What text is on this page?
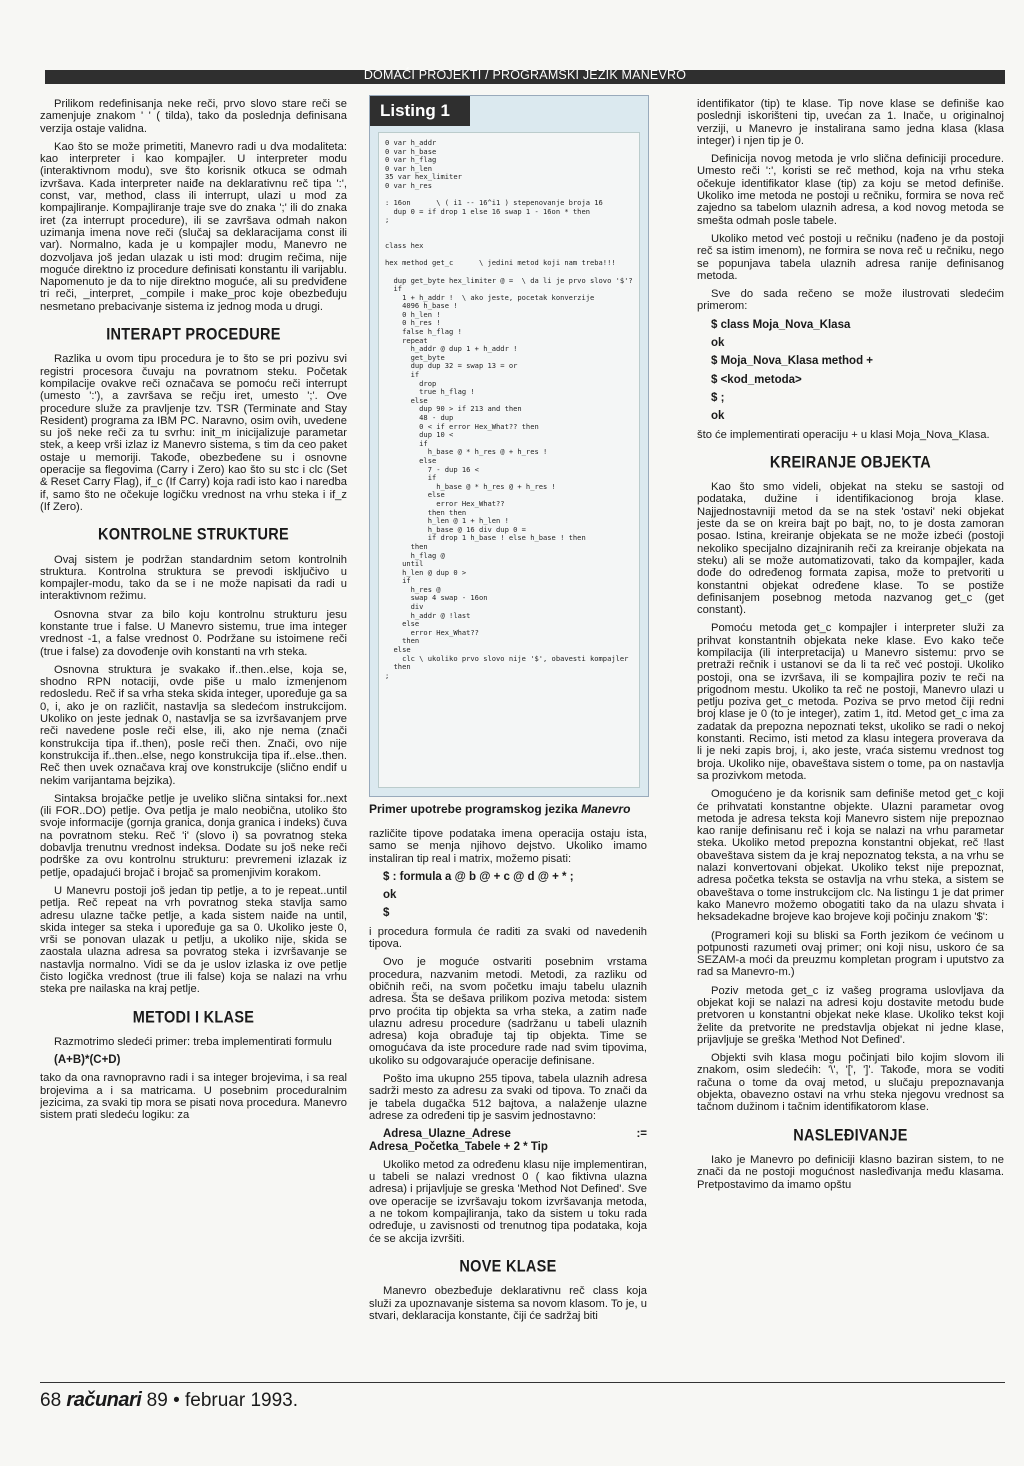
DOMAĆI PROJEKTI / PROGRAMSKI JEZIK MANEVRO

Prilikom redefinisanja neke reči, prvo slovo stare reči se zamenjuje znakom ' ' ( tilda), tako da poslednja definisana verzija ostaje validna.

Kao što se može primetiti, Manevro radi u dva modaliteta: kao interpreter i kao kompajler. U interpreter modu (interaktivnom modu), sve što korisnik otkuca se odmah izvršava. Kada interpreter naiđe na deklarativnu reč tipa ':', const, var, method, class ili interrupt, ulazi u mod za kompajliranje. Kompajliranje traje sve do znaka ';' ili do znaka iret (za interrupt procedure), ili se završava odmah nakon uzimanja imena nove reči (slučaj sa deklaracijama const ili var). Normalno, kada je u kompajler modu, Manevro ne dozvoljava još jedan ulazak u isti mod: drugim rečima, nije moguće direktno iz procedure definisati konstantu ili varijablu. Napomenuto je da to nije direktno moguće, ali su predviđene tri reči, _interpret, _compile i make_proc koje obezbeđuju nesmetano prebacivanje sistema iz jednog moda u drugi.

INTERAPT PROCEDURE

Razlika u ovom tipu procedura je to što se pri pozivu svi registri procesora čuvaju na povratnom steku. Početak kompilacije ovakve reči označava se pomoću reči interrupt (umesto ':'), a završava se rečju iret, umesto ';'. Ove procedure služe za pravljenje tzv. TSR (Terminate and Stay Resident) programa za IBM PC. Naravno, osim ovih, uvedene su još neke reči za tu svrhu: init_m inicijalizuje parametar stek, a keep vrši izlaz iz Manevro sistema, s tim da ceo paket ostaje u memoriji. Takođe, obezbeđene su i osnovne operacije sa flegovima (Carry i Zero) kao što su stc i clc (Set & Reset Carry Flag), if_c (If Carry) koja radi isto kao i naredba if, samo što ne očekuje logičku vrednost na vrhu steka i if_z (If Zero).

KONTROLNE STRUKTURE

Ovaj sistem je podržan standardnim setom kontrolnih struktura. Kontrolna struktura se prevodi isključivo u kompajler-modu, tako da se i ne može napisati da radi u interaktivnom režimu.

Osnovna stvar za bilo koju kontrolnu strukturu jesu konstante true i false. U Manevro sistemu, true ima integer vrednost -1, a false vrednost 0. Podržane su istoimene reči (true i false) za dovođenje ovih konstanti na vrh steka.

Osnovna struktura je svakako if..then..else, koja se, shodno RPN notaciji, ovde piše u malo izmenjenom redosledu. Reč if sa vrha steka skida integer, upoređuje ga sa 0, i, ako je on različit, nastavlja sa sledećom instrukcijom. Ukoliko on jeste jednak 0, nastavlja se sa izvršavanjem prve reči navedene posle reči else, ili, ako nje nema (znači konstrukcija tipa if..then), posle reči then. Znači, ovo nije konstrukcija if..then..else, nego konstrukcija tipa if..else..then. Reč then uvek označava kraj ove konstrukcije (slično endif u nekim varijantama bejzika).

Sintaksa brojačke petlje je uveliko slična sintaksi for..next (ili FOR..DO) petlje. Ova petlja je malo neobična, utoliko što svoje informacije (gornja granica, donja granica i indeks) čuva na povratnom steku. Reč 'i' (slovo i) sa povratnog steka dobavlja trenutnu vrednost indeksa. Dodate su još neke reči podrške za ovu kontrolnu strukturu: prevremeni izlazak iz petlje, opadajući brojač i brojač sa promenjivim korakom.

U Manevru postoji još jedan tip petlje, a to je repeat..until petlja. Reč repeat na vrh povratnog steka stavlja samo adresu ulazne tačke petlje, a kada sistem naiđe na until, skida integer sa steka i upoređuje ga sa 0. Ukoliko jeste 0, vrši se ponovan ulazak u petlju, a ukoliko nije, skida se zaostala ulazna adresa sa povratog steka i izvršavanje se nastavlja normalno. Vidi se da je uslov izlaska iz ove petlje čisto logička vrednost (true ili false) koja se nalazi na vrhu steka pre nailaska na kraj petlje.

METODI I KLASE

Razmotrimo sledeći primer: treba implementirati formulu

(A+B)*(C+D)

tako da ona ravnopravno radi i sa integer brojevima, i sa real brojevima a i sa matricama. U posebnim proceduralnim jezicima, za svaki tip mora se pisati nova procedura. Manevro sistem prati sledeću logiku: za

Listing 1
0 var h_addr
0 var h_base
0 var h_flag
0 var h_len
35 var hex_limiter
0 var h_res

: 16on      \ ( i1 -- 16^i1 ) stepenovanje broja 16
dup 0 = if drop 1 else 16 swap 1 - 16on * then
;

class hex

hex method get_c      \ jedini metod koji nam treba!!!

dup get_byte hex_limiter @ =  \ da li je prvo slovo '$'?
if
1 + h_addr !  \ ako jeste, pocetak konverzije
4096 h_base !
0 h_len !
0 h_res !
false h_flag !
repeat
h_addr @ dup 1 + h_addr !
get_byte
dup dup 32 = swap 13 = or
if
drop
true h_flag !
else
dup 90 > if 213 and then
48 - dup
0 < if error Hex_What?? then
dup 10 <
if
h_base @ * h_res @ + h_res !
else
7 - dup 16 <
if
h_base @ * h_res @ + h_res !
else
error Hex_What??
then then
h_len @ 1 + h_len !
h_base @ 16 div dup 0 =
if drop 1 h_base ! else h_base ! then
then
h_flag @
until
h_len @ dup 0 >
if
h_res @
swap 4 swap - 16on
div
h_addr @ !last
else
error Hex_What??
then
else
clc \ ukoliko prvo slovo nije '$', obavesti kompajler
then
;
Primer upotrebe programskog jezika Manevro

različite tipove podataka imena operacija ostaju ista, samo se menja njihovo dejstvo. Ukoliko imamo instaliran tip real i matrix, možemo pisati:

$ : formula a @ b @ + c @ d @ + * ;

ok

$

i procedura formula će raditi za svaki od navedenih tipova.

Ovo je moguće ostvariti posebnim vrstama procedura, nazvanim metodi. Metodi, za razliku od običnih reči, na svom početku imaju tabelu ulaznih adresa. Šta se dešava prilikom poziva metoda: sistem prvo proćita tip objekta sa vrha steka, a zatim nađe ulaznu adresu procedure (sadržanu u tabeli ulaznih adresa) koja obrađuje taj tip objekta. Time se omogućava da iste procedure rade nad svim tipovima, ukoliko su odgovarajuće operacije definisane.

Pošto ima ukupno 255 tipova, tabela ulaznih adresa sadrži mesto za adresu za svaki od tipova. To znači da je tabela dugačka 512 bajtova, a nalaženje ulazne adrese za određeni tip je sasvim jednostavno:

Adresa_Ulazne_Adrese := Adresa_Početka_Tabele + 2 * Tip

Ukoliko metod za određenu klasu nije implementiran, u tabeli se nalazi vrednost 0 ( kao fiktivna ulazna adresa) i prijavljuje se greska 'Method Not Defined'. Sve ove operacije se izvršavaju tokom izvršavanja metoda, a ne tokom kompajliranja, tako da sistem u toku rada određuje, u zavisnosti od trenutnog tipa podataka, koja će se akcija izvršiti.

NOVE KLASE

Manevro obezbeđuje deklarativnu reč class koja služi za upoznavanje sistema sa novom klasom. To je, u stvari, deklaracija konstante, čiji će sadržaj biti

identifikator (tip) te klase. Tip nove klase se definiše kao poslednji iskorišteni tip, uvećan za 1. Inače, u originalnoj verziji, u Manevro je instalirana samo jedna klasa (klasa integer) i njen tip je 0.

Definicija novog metoda je vrlo slična definiciji procedure. Umesto reči ':', koristi se reč method, koja na vrhu steka očekuje identifikator klase (tip) za koju se metod definiše. Ukoliko ime metoda ne postoji u rečniku, formira se nova reč zajedno sa tabelom ulaznih adresa, a kod novog metoda se smešta odmah posle tabele.

Ukoliko metod već postoji u rečniku (nađeno je da postoji reč sa istim imenom), ne formira se nova reč u rečniku, nego se popunjava tabela ulaznih adresa ranije definisanog metoda.

Sve do sada rečeno se može ilustrovati sledećim primerom:

$ class Moja_Nova_Klasa

ok

$ Moja_Nova_Klasa method +

$ <kod_metoda>

$ ;

ok

što će implementirati operaciju + u klasi Moja_Nova_Klasa.

KREIRANJE OBJEKTA

Kao što smo videli, objekat na steku se sastoji od podataka, dužine i identifikacionog broja klase. Najjednostavniji metod da se na stek 'ostavi' neki objekat jeste da se on kreira bajt po bajt, no, to je dosta zamoran posao. Istina, kreiranje objekata se ne može izbeći (postoji nekoliko specijalno dizajniranih reči za kreiranje objekata na steku) ali se može automatizovati, tako da kompajler, kada dođe do određenog formata zapisa, može to pretvoriti u konstantni objekat određene klase. To se postiže definisanjem posebnog metoda nazvanog get_c (get constant).

Pomoću metoda get_c kompajler i interpreter služi za prihvat konstantnih objekata neke klase. Evo kako teče kompilacija (ili interpretacija) u Manevro sistemu: prvo se pretraži rečnik i ustanovi se da li ta reč već postoji. Ukoliko postoji, ona se izvršava, ili se kompajlira poziv te reči na prigodnom mestu. Ukoliko ta reč ne postoji, Manevro ulazi u petlju poziva get_c metoda. Poziva se prvo metod čiji redni broj klase je 0 (to je integer), zatim 1, itd. Metod get_c ima za zadatak da prepozna nepoznati tekst, ukoliko se radi o nekoj konstanti. Recimo, isti metod za klasu integera proverava da li je neki zapis broj, i, ako jeste, vraća sistemu vrednost tog broja. Ukoliko nije, obaveštava sistem o tome, pa on nastavlja sa prozivkom metoda.

Omogućeno je da korisnik sam definiše metod get_c koji će prihvatati konstantne objekte. Ulazni parametar ovog metoda je adresa teksta koji Manevro sistem nije prepoznao kao ranije definisanu reč i koja se nalazi na vrhu parametar steka. Ukoliko metod prepozna konstantni objekat, reč !last obaveštava sistem da je kraj nepoznatog teksta, a na vrhu se nalazi konvertovani objekat. Ukoliko tekst nije prepoznat, adresa početka teksta se ostavlja na vrhu steka, a sistem se obaveštava o tome instrukcijom clc. Na listingu 1 je dat primer kako Manevro možemo obogatiti tako da na ulazu shvata i heksadekadne brojeve kao brojeve koji počinju znakom '$':

(Programeri koji su bliski sa Forth jezikom će većinom u potpunosti razumeti ovaj primer; oni koji nisu, uskoro će sa SEZAM-a moći da preuzmu kompletan program i uputstvo za rad sa Manevro-m.)

Poziv metoda get_c iz vašeg programa uslovljava da objekat koji se nalazi na adresi koju dostavite metodu bude pretvoren u konstantni objekat neke klase. Ukoliko tekst koji želite da pretvorite ne predstavlja objekat ni jedne klase, prijavljuje se greška 'Method Not Defined'.

Objekti svih klasa mogu počinjati bilo kojim slovom ili znakom, osim sledećih: '\', '[', ']'. Takođe, mora se voditi računa o tome da ovaj metod, u slučaju prepoznavanja objekta, obavezno ostavi na vrhu steka njegovu vrednost sa tačnom dužinom i tačnim identifikatorom klase.

NASLEĐIVANJE

Iako je Manevro po definiciji klasno baziran sistem, to ne znači da ne postoji mogućnost nasleđivanja među klasama. Pretpostavimo da imamo opštu

68 računari 89 • februar 1993.
